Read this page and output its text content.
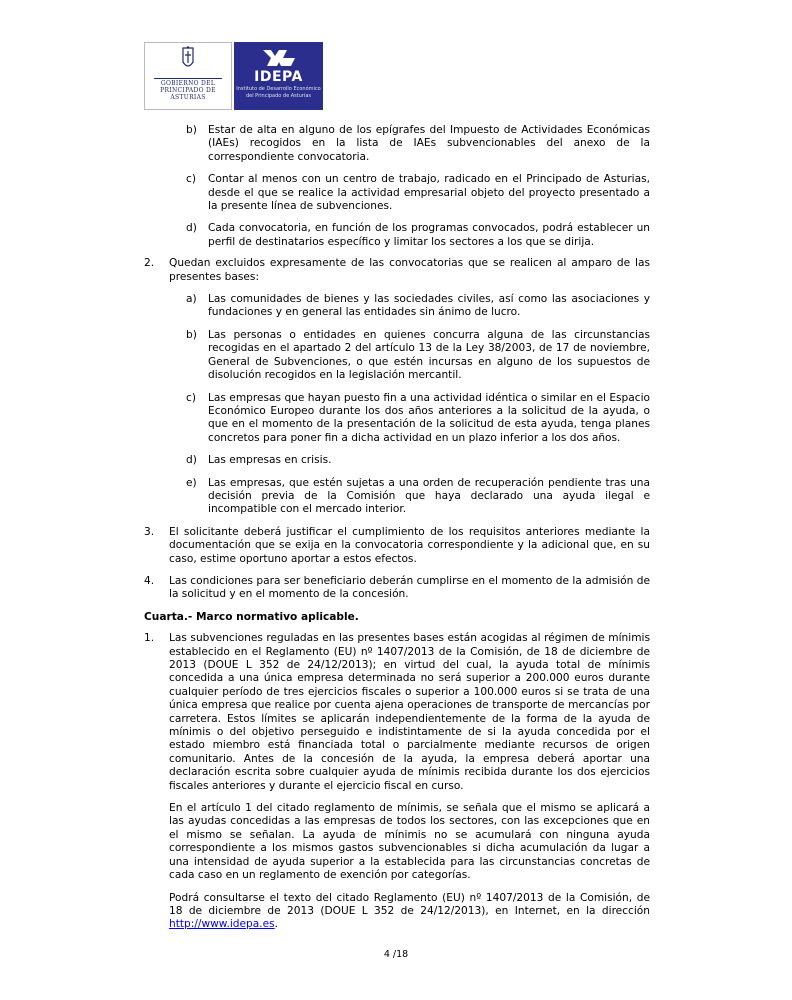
GOBIERNO DEL
PRINCIPADO DE ASTURIAS
IDEPA
Instituto de Desarrollo Económico
del Principado de Asturias
b)	Estar de alta en alguno de los epígrafes del Impuesto de Actividades Económicas (IAEs) recogidos en la lista de IAEs subvencionables del anexo de la correspondiente convocatoria.
c)	Contar al menos con un centro de trabajo, radicado en el Principado de Asturias, desde el que se realice la actividad empresarial objeto del proyecto presentado a la presente línea de subvenciones.
d)	Cada convocatoria, en función de los programas convocados, podrá establecer un perfil de destinatarios específico y limitar los sectores a los que se dirija.
2.	Quedan excluidos expresamente de las convocatorias que se realicen al amparo de las presentes bases:
a)	Las comunidades de bienes y las sociedades civiles, así como las asociaciones y fundaciones y en general las entidades sin ánimo de lucro.
b)	Las personas o entidades en quienes concurra alguna de las circunstancias recogidas en el apartado 2 del artículo 13 de la Ley 38/2003, de 17 de noviembre, General de Subvenciones, o que estén incursas en alguno de los supuestos de disolución recogidos en la legislación mercantil.
c)	Las empresas que hayan puesto fin a una actividad idéntica o similar en el Espacio Económico Europeo durante los dos años anteriores a la solicitud de la ayuda, o que en el momento de la presentación de la solicitud de esta ayuda, tenga planes concretos para poner fin a dicha actividad en un plazo inferior a los dos años.
d)	Las empresas en crisis.
e)	Las empresas, que estén sujetas a una orden de recuperación pendiente tras una decisión previa de la Comisión que haya declarado una ayuda ilegal e incompatible con el mercado interior.
3.	El solicitante deberá justificar el cumplimiento de los requisitos anteriores mediante la documentación que se exija en la convocatoria correspondiente y la adicional que, en su caso, estime oportuno aportar a estos efectos.
4.	Las condiciones para ser beneficiario deberán cumplirse en el momento de la admisión de la solicitud y en el momento de la concesión.
Cuarta.- Marco normativo aplicable.
1.	Las subvenciones reguladas en las presentes bases están acogidas al régimen de mínimis establecido en el Reglamento (EU) nº 1407/2013 de la Comisión, de 18 de diciembre de 2013 (DOUE L 352 de 24/12/2013); en virtud del cual, la ayuda total de mínimis concedida a una única empresa determinada no será superior a 200.000 euros durante cualquier período de tres ejercicios fiscales o superior a 100.000 euros si se trata de una única empresa que realice por cuenta ajena operaciones de transporte de mercancías por carretera. Estos límites se aplicarán independientemente de la forma de la ayuda de mínimis o del objetivo perseguido e indistintamente de si la ayuda concedida por el estado miembro está financiada total o parcialmente mediante recursos de origen comunitario. Antes de la concesión de la ayuda, la empresa deberá aportar una declaración escrita sobre cualquier ayuda de mínimis recibida durante los dos ejercicios fiscales anteriores y durante el ejercicio fiscal en curso.
En el artículo 1 del citado reglamento de mínimis, se señala que el mismo se aplicará a las ayudas concedidas a las empresas de todos los sectores, con las excepciones que en el mismo se señalan. La ayuda de mínimis no se acumulará con ninguna ayuda correspondiente a los mismos gastos subvencionables si dicha acumulación da lugar a una intensidad de ayuda superior a la establecida para las circunstancias concretas de cada caso en un reglamento de exención por categorías.
Podrá consultarse el texto del citado Reglamento (EU) nº 1407/2013 de la Comisión, de 18 de diciembre de 2013 (DOUE L 352 de 24/12/2013), en Internet, en la dirección http://www.idepa.es.
4 /18
